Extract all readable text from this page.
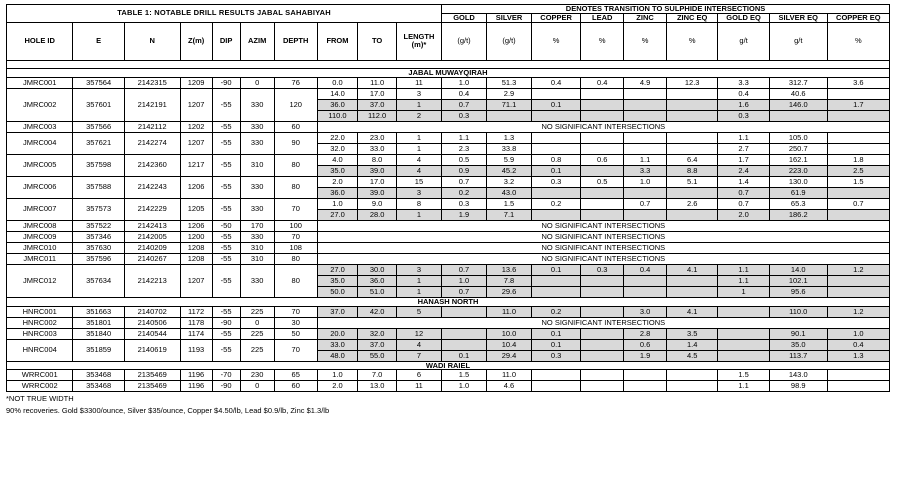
TABLE 1: NOTABLE DRILL RESULTS JABAL SAHABIYAH										DENOTES TRANSITION TO SULPHIDE INTERSECTIONS								
										GOLD	SILVER	COPPER	LEAD	ZINC	ZINC EQ	GOLD EQ	SILVER EQ	COPPER EQ
HOLE ID	E	N	Z(m)	DIP	AZIM	DEPTH	FROM	TO	LENGTH (m)*	(g/t)	(g/t)	%	%	%	%	g/t	g/t	%

JABAL MUWAYQIRAH																		
JMRC001	357564	2142315	1209	-90	0	76	0.0	11.0	11	1.0	51.3	0.4	0.4	4.9	12.3	3.3	312.7	3.6
JMRC002	357601	2142191	1207	-55	330	120	14.0	17.0	3	0.4	2.9					0.4	40.6	
							36.0	37.0	1	0.7	71.1	0.1				1.6	146.0	1.7
							110.0	112.0	2	0.3						0.3		
JMRC003	357566	2142112	1202	-55	330	60	NO SIGNIFICANT INTERSECTIONS											
JMRC004	357621	2142274	1207	-55	330	90	22.0	23.0	1	1.1	1.3					1.1	105.0	
							32.0	33.0	1	2.3	33.8					2.7	250.7	
JMRC005	357598	2142360	1217	-55	310	80	4.0	8.0	4	0.5	5.9	0.8	0.6	1.1	6.4	1.7	162.1	1.8
							35.0	39.0	4	0.9	45.2	0.1		3.3	8.8	2.4	223.0	2.5
JMRC006	357588	2142243	1206	-55	330	80	2.0	17.0	15	0.7	3.2	0.3	0.5	1.0	5.1	1.4	130.0	1.5
							36.0	39.0	3	0.2	43.0					0.7	61.9	
JMRC007	357573	2142229	1205	-55	330	70	1.0	9.0	8	0.3	1.5	0.2		0.7	2.6	0.7	65.3	0.7
							27.0	28.0	1	1.9	7.1					2.0	186.2	
JMRC008	357522	2142413	1206	-50	170	100	NO SIGNIFICANT INTERSECTIONS											
JMRC009	357346	2142005	1200	-55	330	70	NO SIGNIFICANT INTERSECTIONS											
JMRC010	357630	2140209	1208	-55	310	108	NO SIGNIFICANT INTERSECTIONS											
JMRC011	357596	2140267	1208	-55	310	80	NO SIGNIFICANT INTERSECTIONS											
JMRC012	357634	2142213	1207	-55	330	80	27.0	30.0	3	0.7	13.6	0.1	0.3	0.4	4.1	1.1	14.0	1.2
							35.0	36.0	1	1.0	7.8					1.1	102.1	
							50.0	51.0	1	0.7	29.6					1	95.6	
HANASH NORTH																		
HNRC001	351663	2140702	1172	-55	225	70	37.0	42.0	5		11.0	0.2		3.0	4.1		110.0	1.2
HNRC002	351801	2140506	1178	-90	0	30	NO SIGNIFICANT INTERSECTIONS											
HNRC003	351840	2140544	1174	-55	225	50	20.0	32.0	12		10.0	0.1		2.8	3.5		90.1	1.0
HNRC004	351859	2140619	1193	-55	225	70	33.0	37.0	4		10.4	0.1		0.6	1.4		35.0	0.4
							48.0	55.0	7	0.1	29.4	0.3		1.9	4.5		113.7	1.3
WADI RAIEL																		
WRRC001	353468	2135469	1196	-70	230	65	1.0	7.0	6	1.5	11.0					1.5	143.0	
WRRC002	353468	2135469	1196	-90	0	60	2.0	13.0	11	1.0	4.6					1.1	98.9	
*NOT TRUE WIDTH
90% recoveries. Gold $3300/ounce, Silver $35/ounce, Copper $4.50/lb, Lead $0.9/lb, Zinc $1.3/lb
